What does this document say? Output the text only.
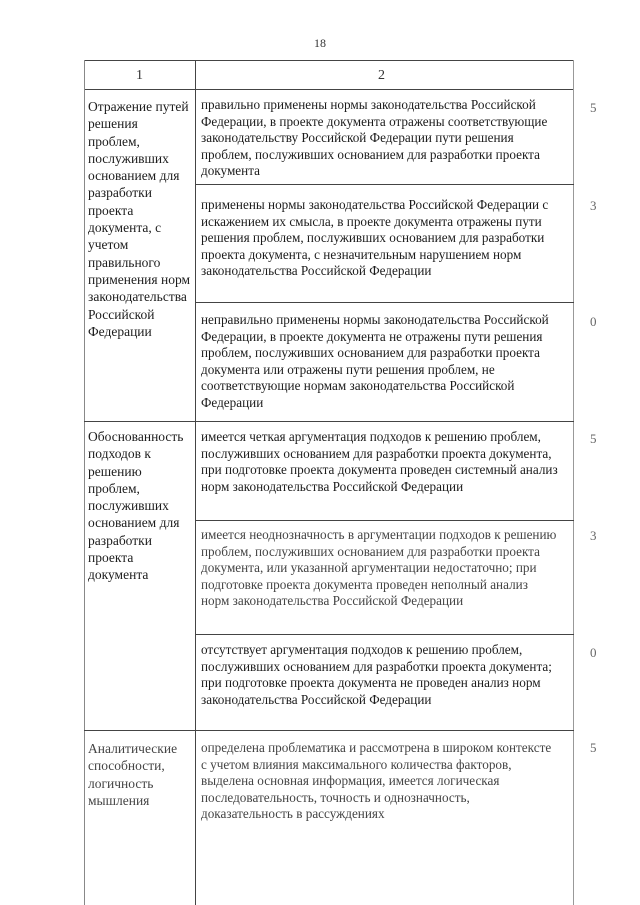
18
1	2
Отражение путей решения проблем, послуживших основанием для разработки проекта документа, с учетом правильного применения норм законодательства Российской Федерации
правильно применены нормы законодательства Российской Федерации, в проекте документа отражены соответствующие законодательству Российской Федерации пути решения проблем, послуживших основанием для разработки проекта документа
5
применены нормы законодательства Российской Федерации с искажением их смысла, в проекте документа отражены пути решения проблем, послуживших основанием для разработки проекта документа, с незначительным нарушением норм законодательства Российской Федерации
3
неправильно применены нормы законодательства Российской Федерации, в проекте документа не отражены пути решения проблем, послуживших основанием для разработки проекта документа или отражены пути решения проблем, не соответствующие нормам законодательства Российской Федерации
0
Обоснованность подходов к решению проблем, послуживших основанием для разработки проекта документа
имеется четкая аргументация подходов к решению проблем, послуживших основанием для разработки проекта документа, при подготовке проекта документа проведен системный анализ норм законодательства Российской Федерации
5
имеется неоднозначность в аргументации подходов к решению проблем, послуживших основанием для разработки проекта документа, или указанной аргументации недостаточно; при подготовке проекта документа проведен неполный анализ норм законодательства Российской Федерации
3
отсутствует аргументация подходов к решению проблем, послуживших основанием для разработки проекта документа; при подготовке проекта документа не проведен анализ норм законодательства Российской Федерации
0
Аналитические способности, логичность мышления
определена проблематика и рассмотрена в широком контексте с учетом влияния максимального количества факторов, выделена основная информация, имеется логическая последовательность, точность и однозначность, доказательность в рассуждениях
5
